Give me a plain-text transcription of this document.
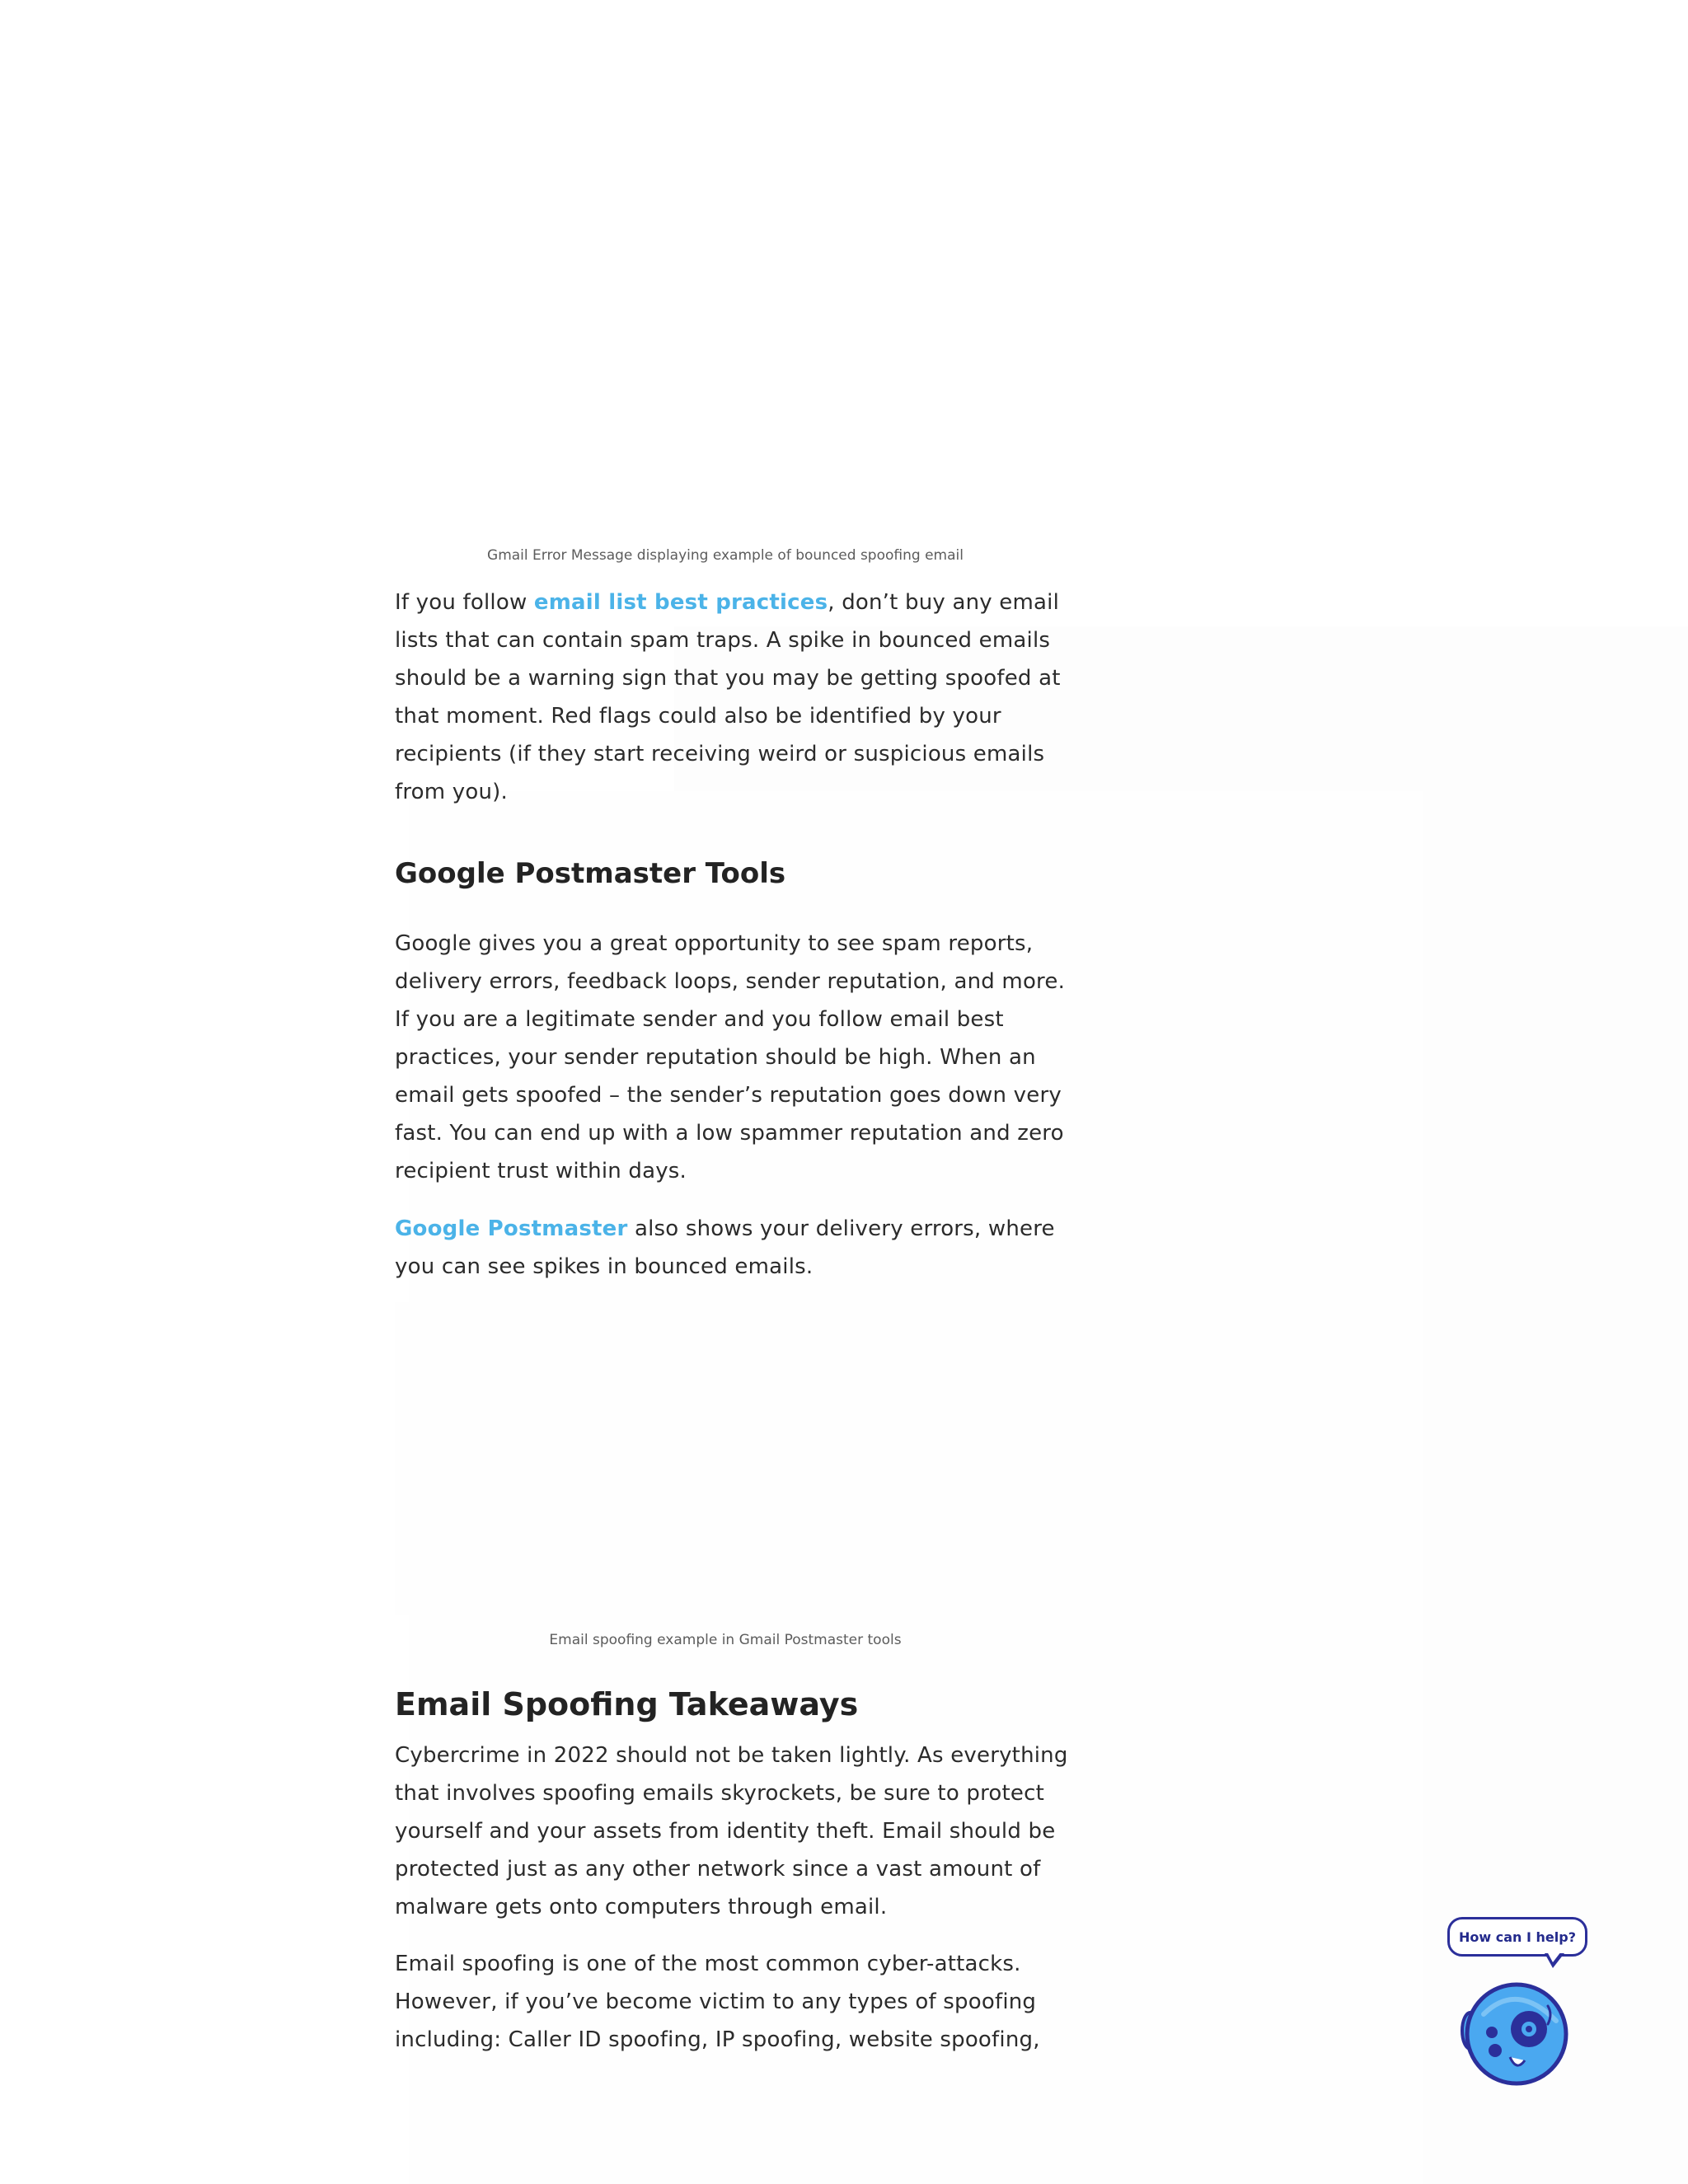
Gmail Error Message displaying example of bounced spoofing email

If you follow email list best practices, don’t buy any email lists that can contain spam traps. A spike in bounced emails should be a warning sign that you may be getting spoofed at that moment. Red flags could also be identified by your recipients (if they start receiving weird or suspicious emails from you).

Google Postmaster Tools

Google gives you a great opportunity to see spam reports, delivery errors, feedback loops, sender reputation, and more. If you are a legitimate sender and you follow email best practices, your sender reputation should be high. When an email gets spoofed – the sender’s reputation goes down very fast. You can end up with a low spammer reputation and zero recipient trust within days.

Google Postmaster also shows your delivery errors, where you can see spikes in bounced emails.

Email spoofing example in Gmail Postmaster tools
Email Spoofing Takeaways

Cybercrime in 2022 should not be taken lightly. As everything that involves spoofing emails skyrockets, be sure to protect yourself and your assets from identity theft. Email should be protected just as any other network since a vast amount of malware gets onto computers through email.

Email spoofing is one of the most common cyber-attacks. However, if you’ve become victim to any types of spoofing including: Caller ID spoofing, IP spoofing, website spoofing,

How can I help?
